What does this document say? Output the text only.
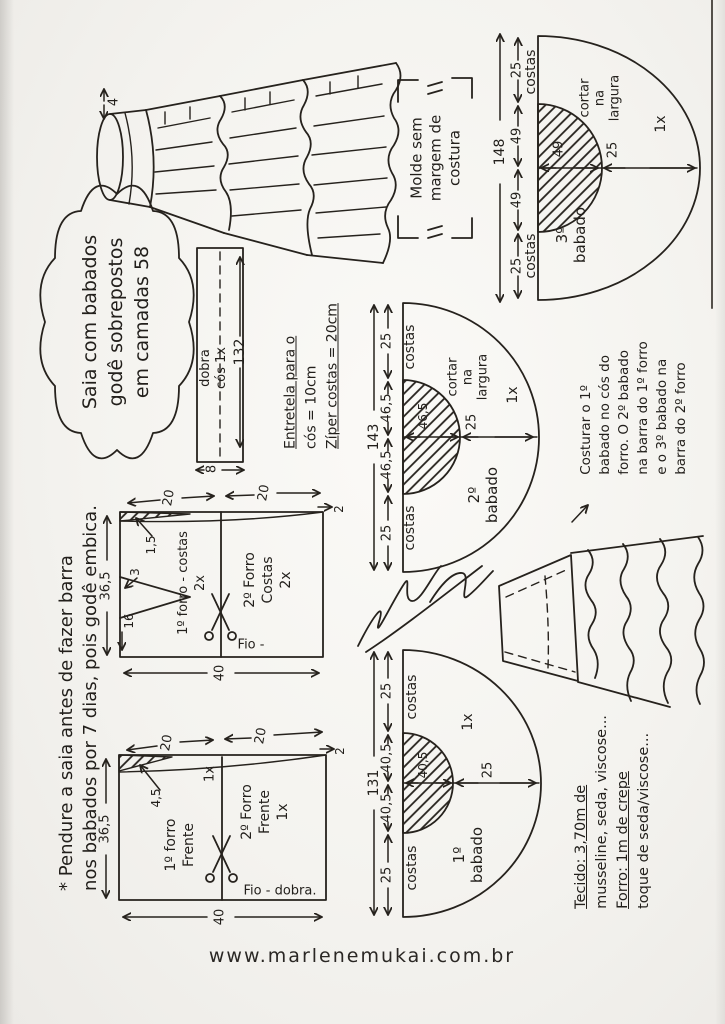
Saia com babados godê sobrepostos em camadas 58
4
Molde sem margem de costura
dobra cós 1x 132
8
Entretela para o cós = 10cm Zíper costas = 20cm
148
25
49
49
25
costas
costas
cortar na largura
1x
49	25
3º babado
143
25
46,5
46,5
25
costas
costas
cortar na largura 1x
46,5	25
2º babado
131
25
40,5
40,5
25
costas
costas
1x
40,5	25
1º babado
20	20
2
1,5
3
16
36,5
40
1º forro - costas 2x 2º Forro Costas 2x
Fio -
20	20
2
4,5
36,5
40
1x
1º forro Frente
2º Forro Frente 1x
Fio - dobra.
* Pendure a saia antes de fazer barra nos babados por 7 dias, pois godê embica.
Costurar o 1º babado no cós do forro. O 2º babado na barra do 1º forro e o 3º babado na barra do 2º forro
Tecido: 3,70m de musseline, seda, viscose... Forro: 1m de crepe toque de seda/viscose...
www.marlenemukai.com.br
